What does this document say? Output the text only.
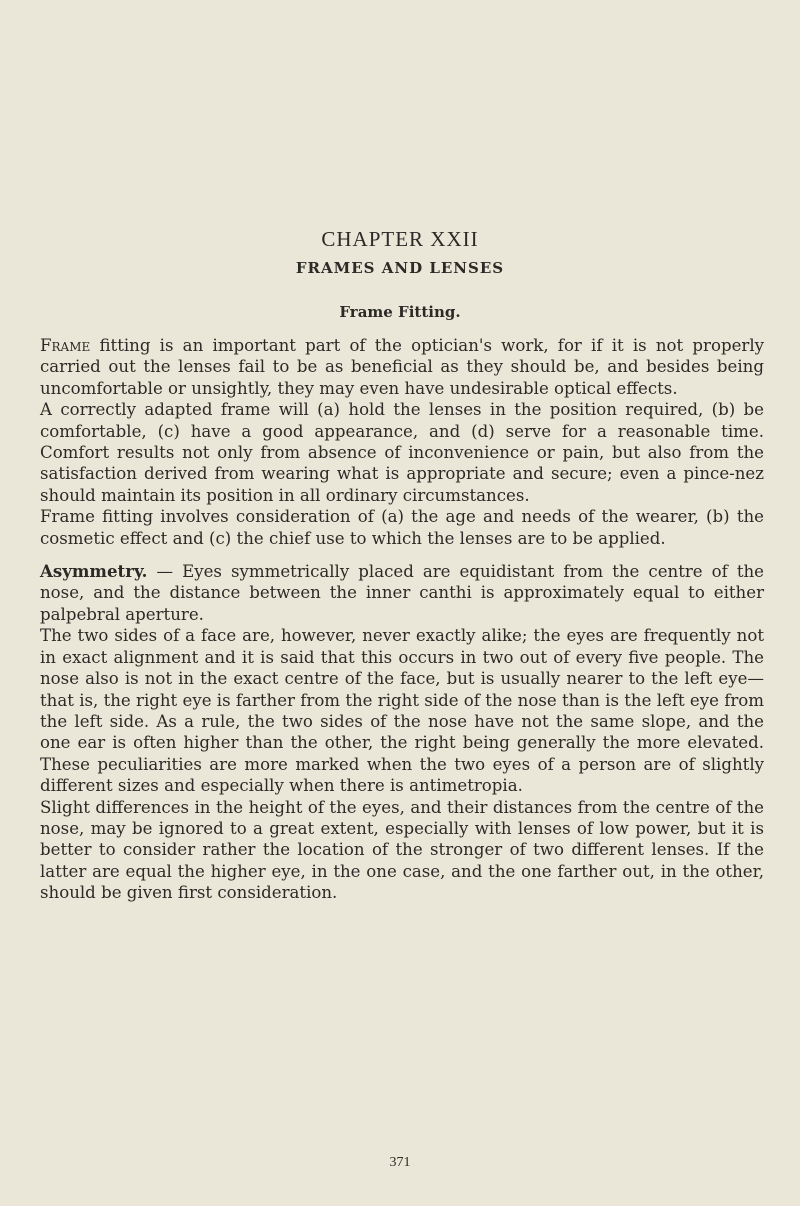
CHAPTER XXII
FRAMES AND LENSES
Frame Fitting.

Frame fitting is an important part of the optician's work, for if it is not properly carried out the lenses fail to be as beneficial as they should be, and besides being uncomfortable or unsightly, they may even have undesirable optical effects.

A correctly adapted frame will (a) hold the lenses in the position required, (b) be comfortable, (c) have a good appearance, and (d) serve for a reasonable time. Comfort results not only from absence of inconvenience or pain, but also from the satisfaction derived from wearing what is appropriate and secure; even a pince-nez should maintain its position in all ordinary circumstances.

Frame fitting involves consideration of (a) the age and needs of the wearer, (b) the cosmetic effect and (c) the chief use to which the lenses are to be applied.

Asymmetry. — Eyes symmetrically placed are equidistant from the centre of the nose, and the distance between the inner canthi is approximately equal to either palpebral aperture.

The two sides of a face are, however, never exactly alike; the eyes are frequently not in exact alignment and it is said that this occurs in two out of every five people. The nose also is not in the exact centre of the face, but is usually nearer to the left eye—that is, the right eye is farther from the right side of the nose than is the left eye from the left side. As a rule, the two sides of the nose have not the same slope, and the one ear is often higher than the other, the right being generally the more elevated. These peculiarities are more marked when the two eyes of a person are of slightly different sizes and especially when there is antimetropia.

Slight differences in the height of the eyes, and their distances from the centre of the nose, may be ignored to a great extent, especially with lenses of low power, but it is better to consider rather the location of the stronger of two different lenses. If the latter are equal the higher eye, in the one case, and the one farther out, in the other, should be given first consideration.

371
